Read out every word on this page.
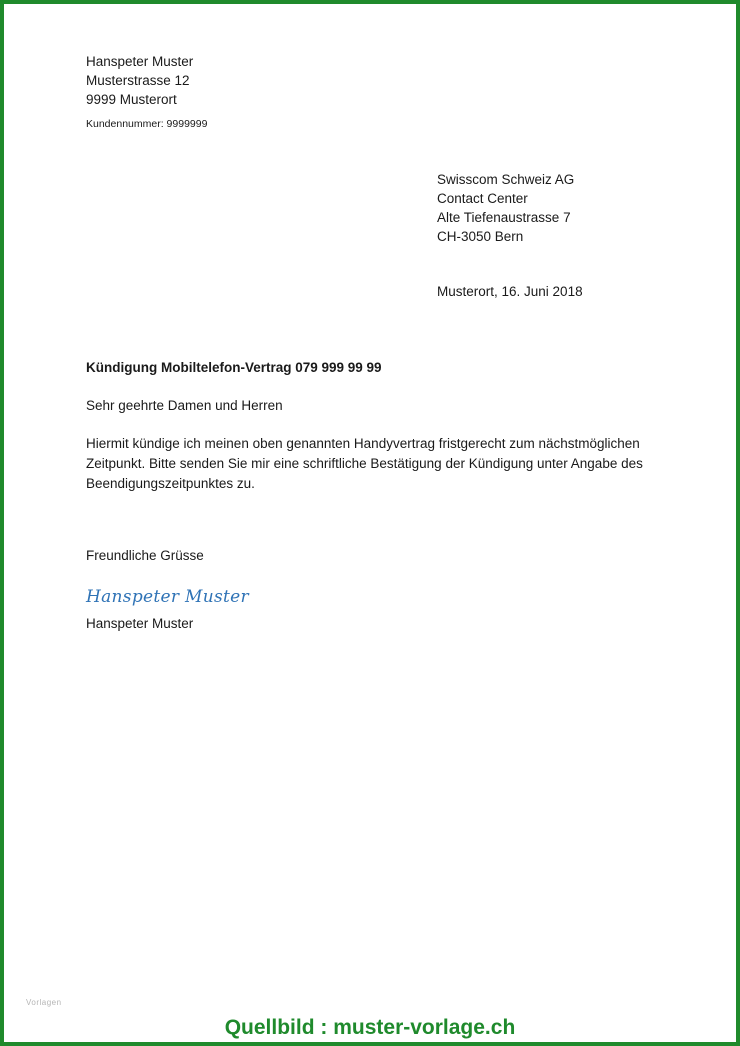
Hanspeter Muster
Musterstrasse 12
9999 Musterort
Kundennummer: 9999999
Swisscom Schweiz AG
Contact Center
Alte Tiefenaustrasse 7
CH-3050 Bern
Musterort, 16. Juni 2018
Kündigung Mobiltelefon-Vertrag 079 999 99 99
Sehr geehrte Damen und Herren
Hiermit kündige ich meinen oben genannten Handyvertrag fristgerecht zum nächstmöglichen
Zeitpunkt. Bitte senden Sie mir eine schriftliche Bestätigung der Kündigung unter Angabe des
Beendigungszeitpunktes zu.
Freundliche Grüsse
Hanspeter Muster
Hanspeter Muster
Vorlagen
Quellbild : muster-vorlage.ch
